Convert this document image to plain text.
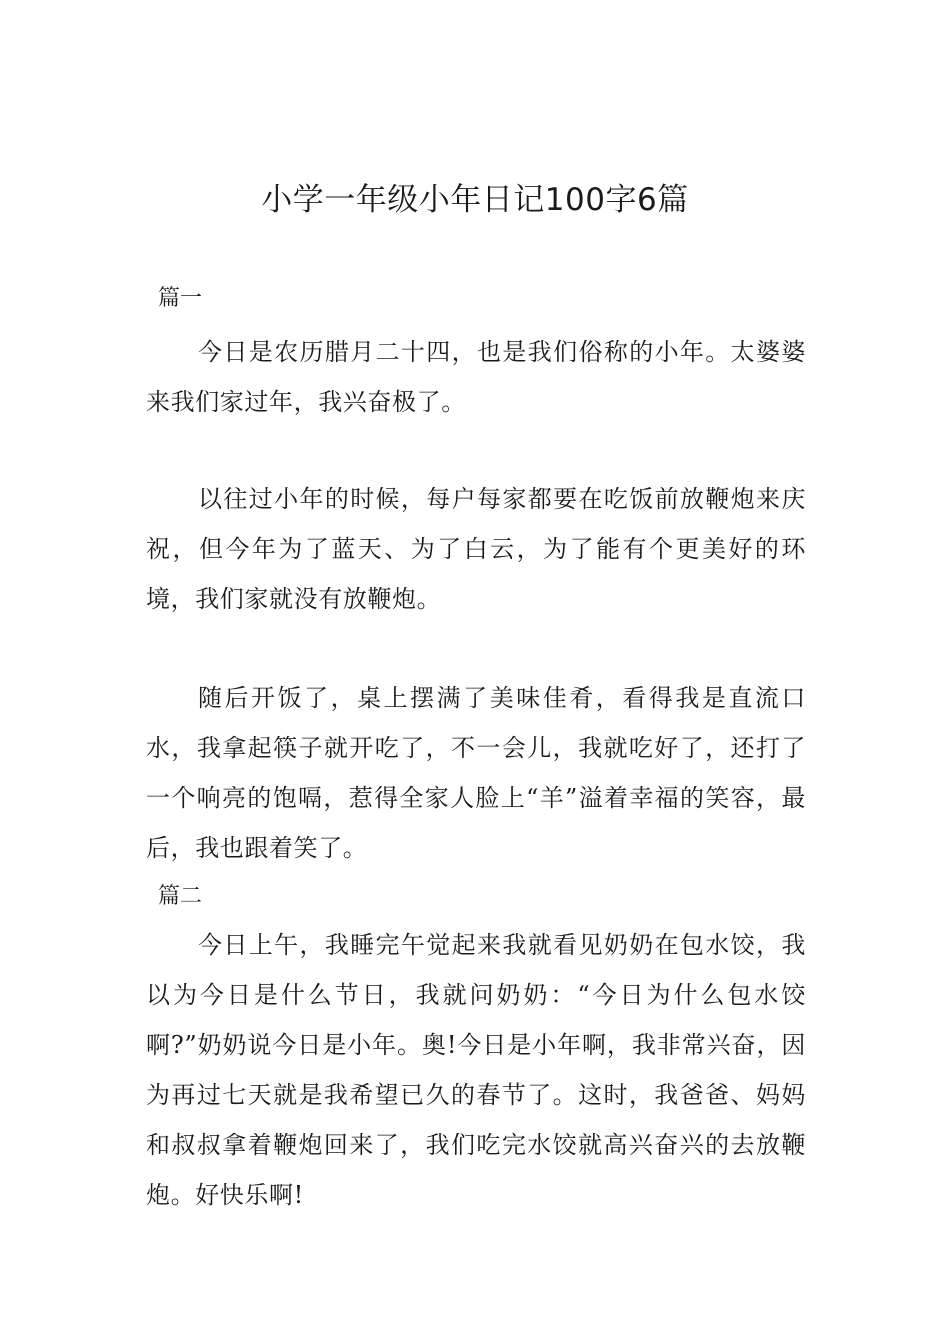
小学一年级小年日记100字6篇
篇一

今日是农历腊月二十四，也是我们俗称的小年。太婆婆来我们家过年，我兴奋极了。

以往过小年的时候，每户每家都要在吃饭前放鞭炮来庆祝，但今年为了蓝天、为了白云，为了能有个更美好的环境，我们家就没有放鞭炮。

随后开饭了，桌上摆满了美味佳肴，看得我是直流口水，我拿起筷子就开吃了，不一会儿，我就吃好了，还打了一个响亮的饱嗝，惹得全家人脸上“羊”溢着幸福的笑容，最后，我也跟着笑了。

篇二

今日上午，我睡完午觉起来我就看见奶奶在包水饺，我以为今日是什么节日，我就问奶奶：“今日为什么包水饺啊?”奶奶说今日是小年。奥!今日是小年啊，我非常兴奋，因为再过七天就是我希望已久的春节了。这时，我爸爸、妈妈和叔叔拿着鞭炮回来了，我们吃完水饺就高兴奋兴的去放鞭炮。好快乐啊!
